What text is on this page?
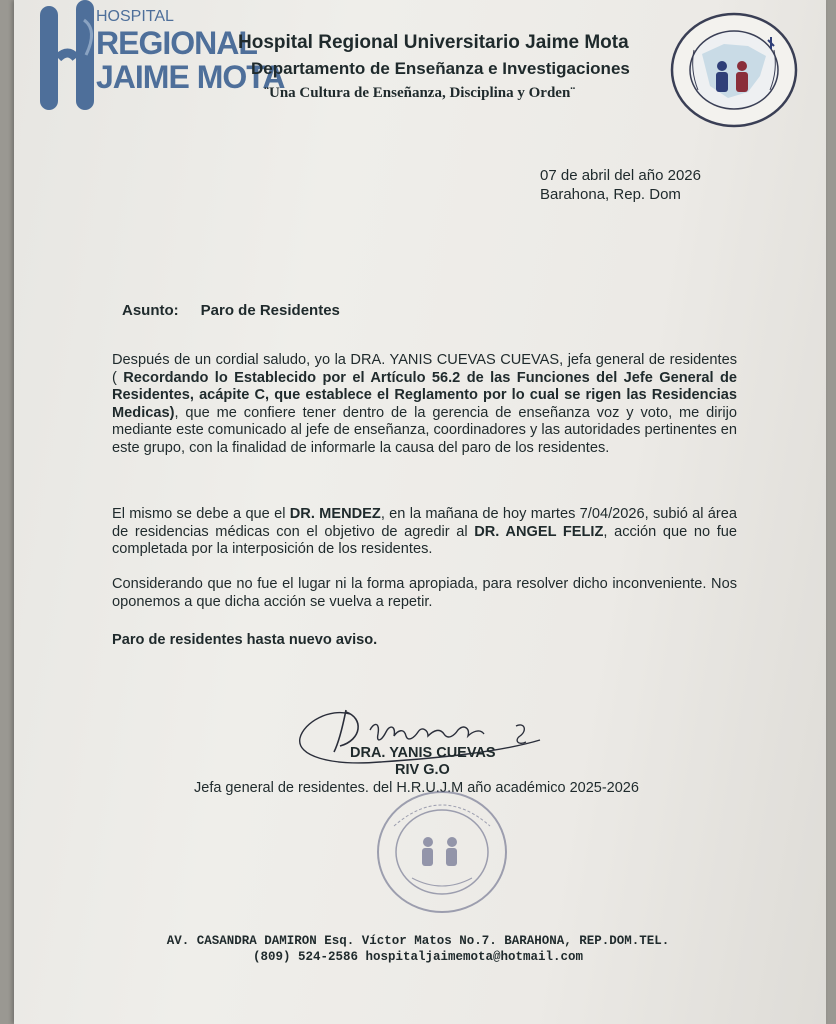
HOSPITAL
REGIONAL
JAIME MOTA
Hospital Regional Universitario Jaime Mota
Departamento de Enseñanza e Investigaciones
¨Una Cultura de Enseñanza, Disciplina y Orden¨
07 de abril del año 2026
Barahona, Rep. Dom
Asunto: Paro de Residentes
Después de un cordial saludo, yo la DRA. YANIS CUEVAS CUEVAS, jefa general de residentes ( Recordando lo Establecido por el Artículo 56.2 de las Funciones del Jefe General de Residentes, acápite C, que establece el Reglamento por lo cual se rigen las Residencias Medicas), que me confiere tener dentro de la gerencia de enseñanza voz y voto, me dirijo mediante este comunicado al jefe de enseñanza, coordinadores y las autoridades pertinentes en este grupo, con la finalidad de informarle la causa del paro de los residentes.
El mismo se debe a que el DR. MENDEZ, en la mañana de hoy martes 7/04/2026, subió al área de residencias médicas con el objetivo de agredir al DR. ANGEL FELIZ, acción que no fue completada por la interposición de los residentes.
Considerando que no fue el lugar ni la forma apropiada, para resolver dicho inconveniente. Nos oponemos a que dicha acción se vuelva a repetir.
Paro de residentes hasta nuevo aviso.
DRA. YANIS CUEVAS
RIV G.O
Jefa general de residentes. del H.R.U.J.M año académico 2025-2026
AV. CASANDRA DAMIRON Esq. Víctor Matos No.7. BARAHONA, REP.DOM.TEL.
(809) 524-2586 hospitaljaimemota@hotmail.com
